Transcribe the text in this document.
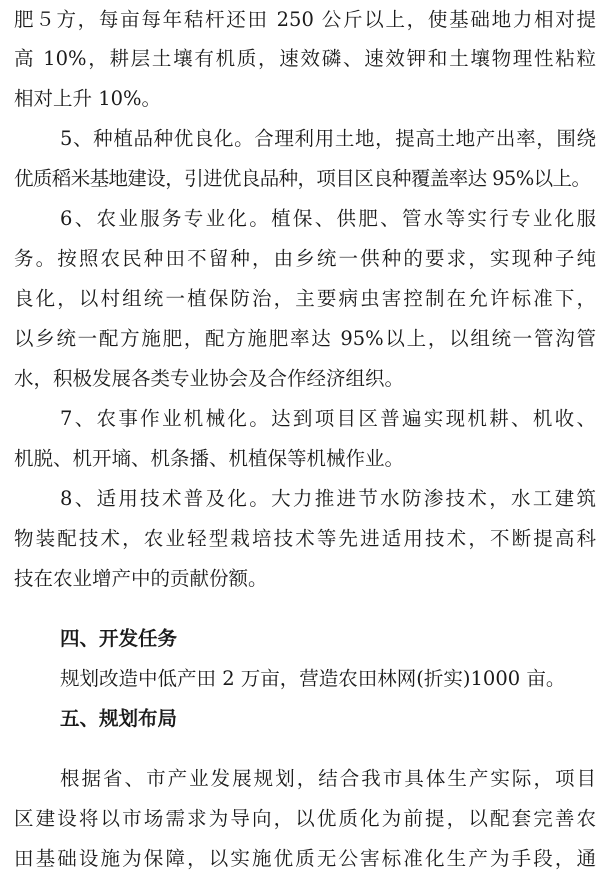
肥５方，每亩每年秸杆还田 250 公斤以上，使基础地力相对提
高 10%，耕层土壤有机质，速效磷、速效钾和土壤物理性粘粒
相对上升 10%。
5、种植品种优良化。合理利用土地，提高土地产出率，围绕
优质稻米基地建设，引进优良品种，项目区良种覆盖率达 95%以上。
6、农业服务专业化。植保、供肥、管水等实行专业化服
务。按照农民种田不留种，由乡统一供种的要求，实现种子纯
良化，以村组统一植保防治，主要病虫害控制在允许标准下，
以乡统一配方施肥，配方施肥率达 95%以上，以组统一管沟管
水，积极发展各类专业协会及合作经济组织。
7、农事作业机械化。达到项目区普遍实现机耕、机收、
机脱、机开墒、机条播、机植保等机械作业。
8、适用技术普及化。大力推进节水防渗技术，水工建筑
物装配技术，农业轻型栽培技术等先进适用技术，不断提高科
技在农业增产中的贡献份额。
四、开发任务
规划改造中低产田 2 万亩，营造农田林网(折实)1000 亩。
五、规划布局
根据省、市产业发展规划，结合我市具体生产实际，项目
区建设将以市场需求为导向，以优质化为前提，以配套完善农
田基础设施为保障，以实施优质无公害标准化生产为手段，通
